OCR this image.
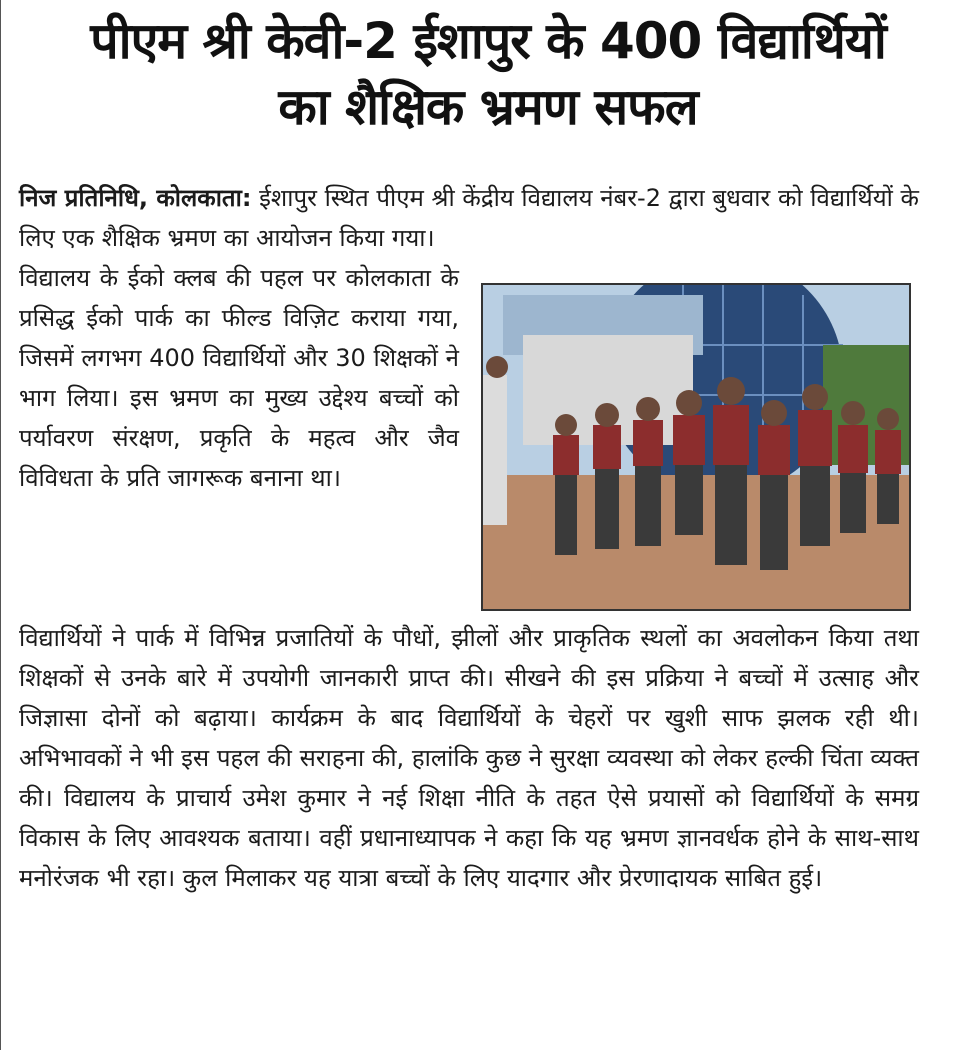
पीएम श्री केवी-2 ईशापुर के 400 विद्यार्थियों
का शैक्षिक भ्रमण सफल
निज प्रतिनिधि, कोलकाता: ईशापुर स्थित पीएम श्री केंद्रीय विद्यालय नंबर-2 द्वारा बुधवार को विद्यार्थियों के लिए एक शैक्षिक भ्रमण का आयोजन किया गया।
विद्यालय के ईको क्लब की पहल पर कोलकाता के प्रसिद्ध ईको पार्क का फील्ड विज़िट कराया गया, जिसमें लगभग 400 विद्यार्थियों और 30 शिक्षकों ने भाग लिया। इस भ्रमण का मुख्य उद्देश्य बच्चों को पर्यावरण संरक्षण, प्रकृति के महत्व और जैव विविधता के प्रति जागरूक बनाना था।
विद्यार्थियों ने पार्क में विभिन्न प्रजातियों के पौधों, झीलों और प्राकृतिक स्थलों का अवलोकन किया तथा शिक्षकों से उनके बारे में उपयोगी जानकारी प्राप्त की। सीखने की इस प्रक्रिया ने बच्चों में उत्साह और जिज्ञासा दोनों को बढ़ाया। कार्यक्रम के बाद विद्यार्थियों के चेहरों पर खुशी साफ झलक रही थी। अभिभावकों ने भी इस पहल की सराहना की, हालांकि कुछ ने सुरक्षा व्यवस्था को लेकर हल्की चिंता व्यक्त की। विद्यालय के प्राचार्य उमेश कुमार ने नई शिक्षा नीति के तहत ऐसे प्रयासों को विद्यार्थियों के समग्र विकास के लिए आवश्यक बताया। वहीं प्रधानाध्यापक ने कहा कि यह भ्रमण ज्ञानवर्धक होने के साथ-साथ मनोरंजक भी रहा। कुल मिलाकर यह यात्रा बच्चों के लिए यादगार और प्रेरणादायक साबित हुई।
